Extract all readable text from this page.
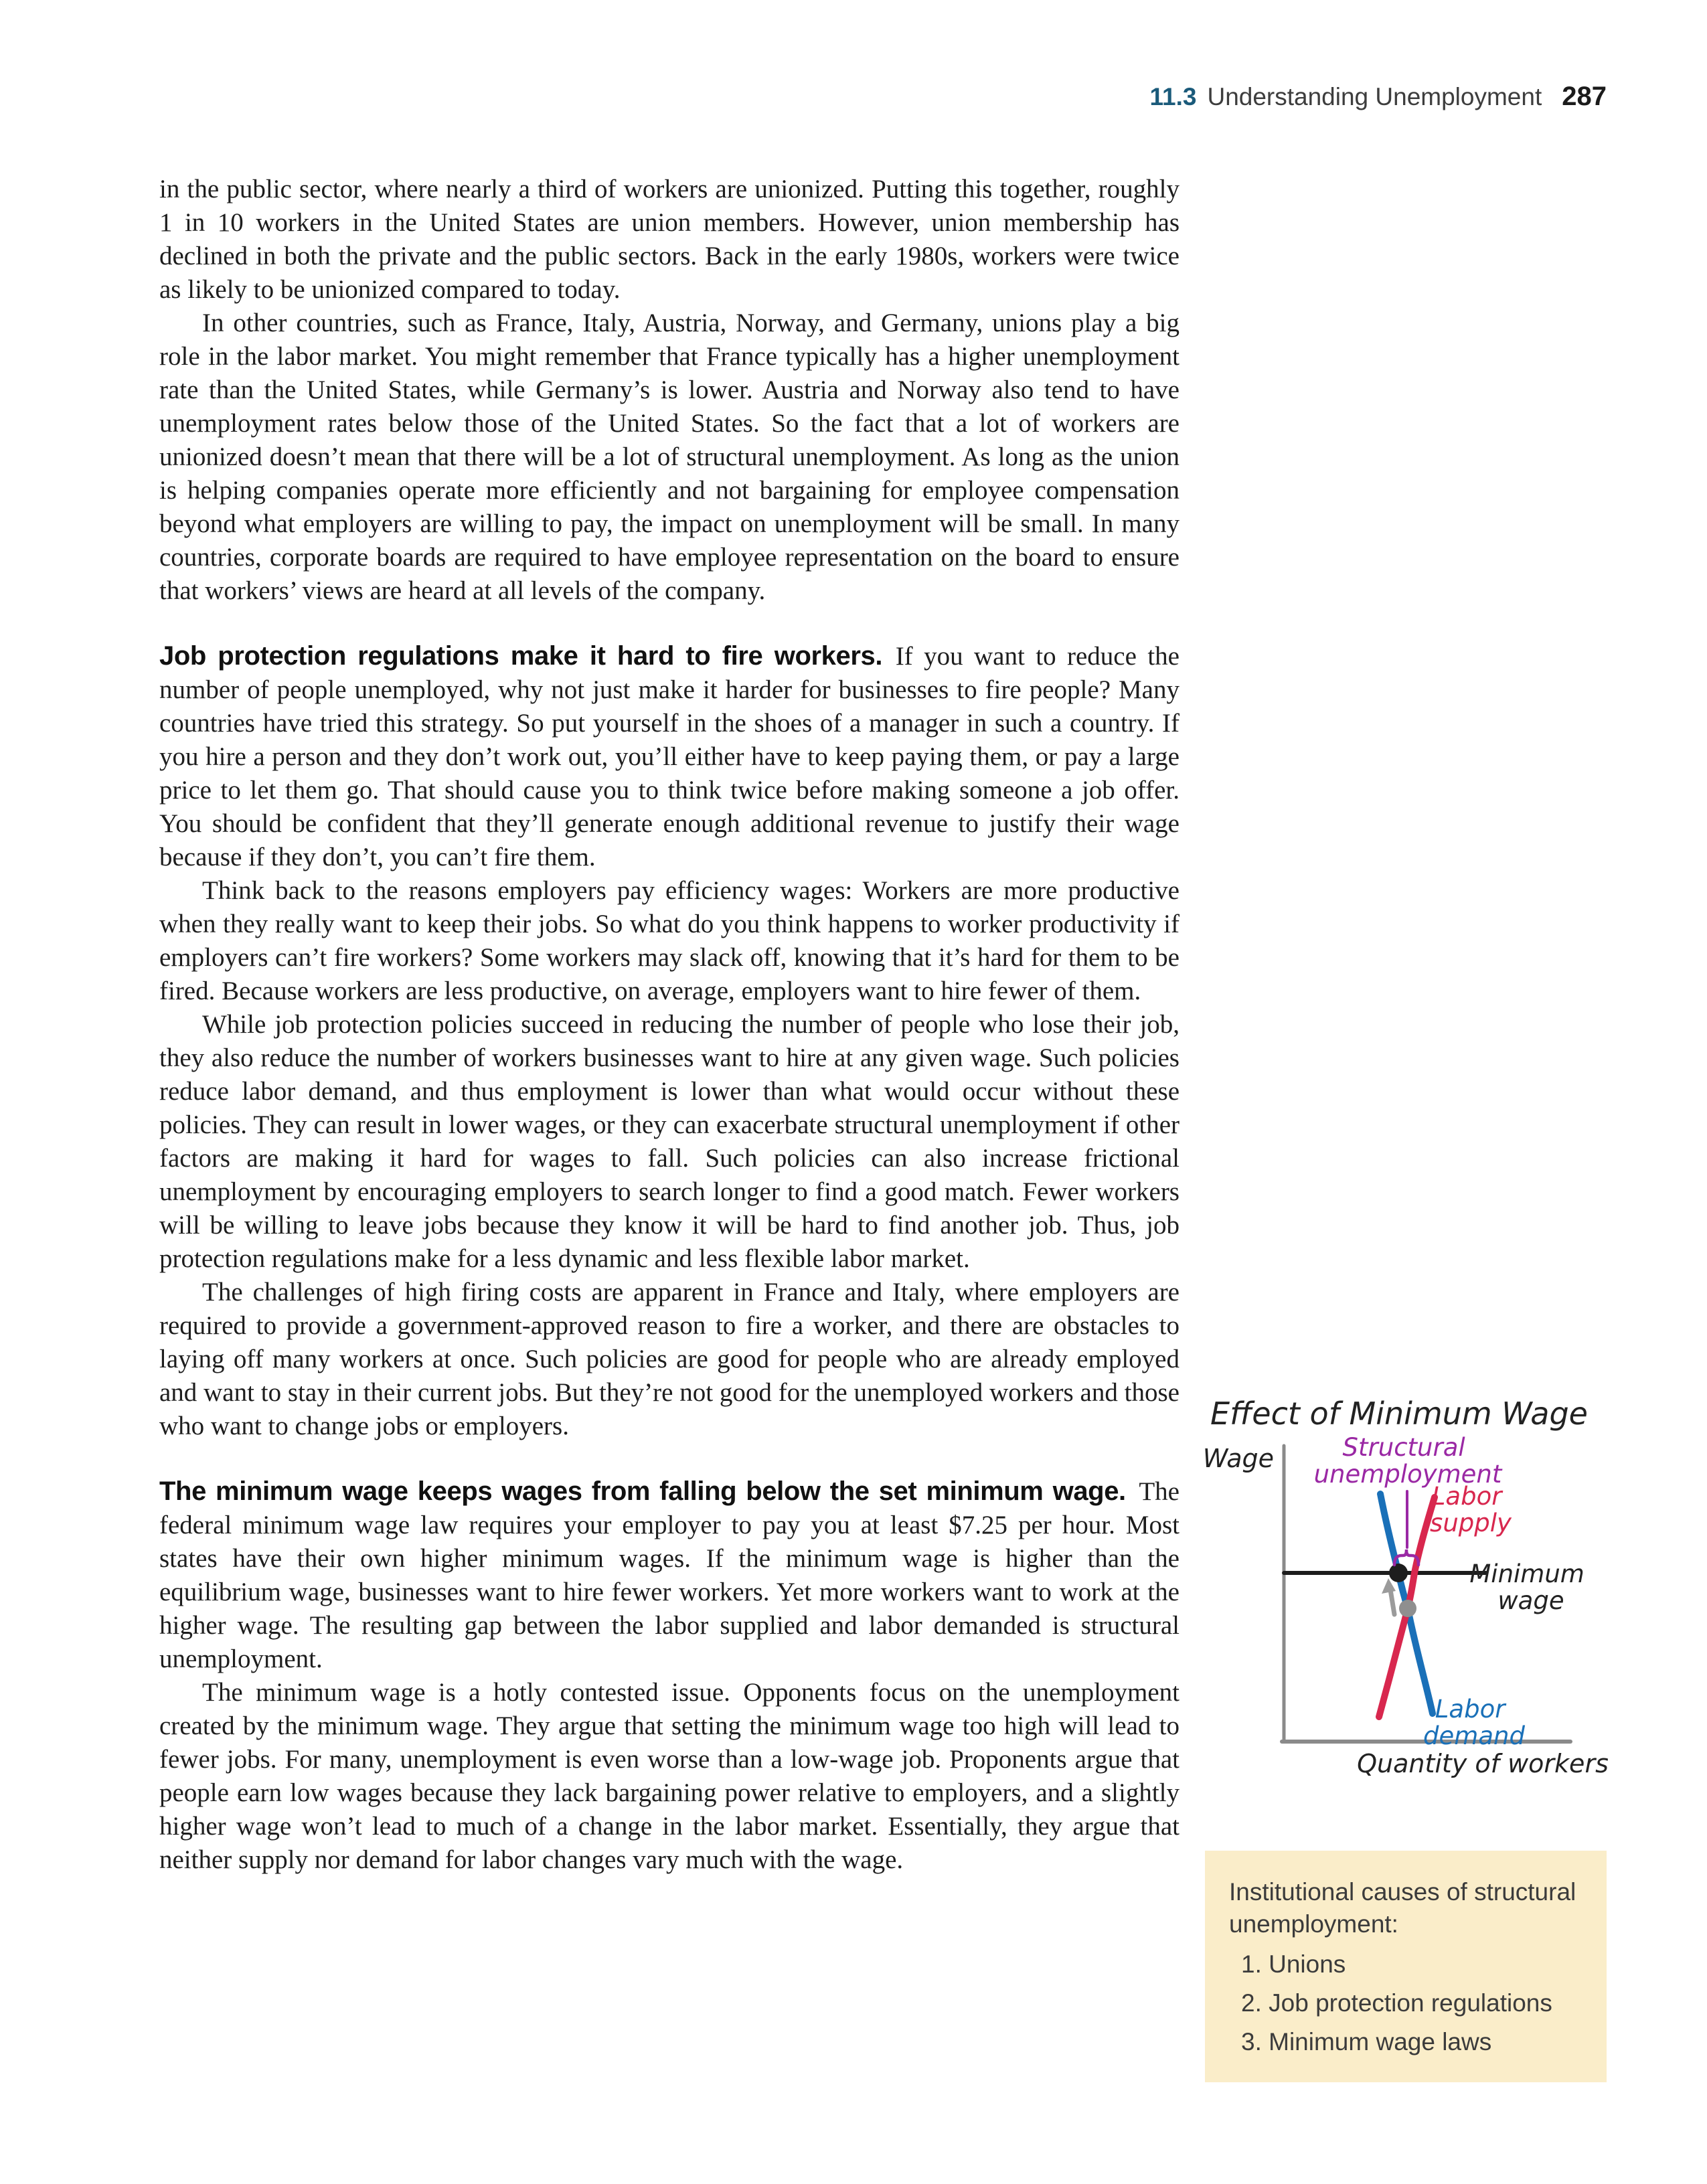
11.3 Understanding Unemployment 287

in the public sector, where nearly a third of workers are unionized. Putting this together, roughly 1 in 10 workers in the United States are union members. However, union membership has declined in both the private and the public sectors. Back in the early 1980s, workers were twice as likely to be unionized compared to today.

In other countries, such as France, Italy, Austria, Norway, and Germany, unions play a big role in the labor market. You might remember that France typically has a higher unemployment rate than the United States, while Germany’s is lower. Austria and Norway also tend to have unemployment rates below those of the United States. So the fact that a lot of workers are unionized doesn’t mean that there will be a lot of structural unemployment. As long as the union is helping companies operate more efficiently and not bargaining for employee compensation beyond what employers are willing to pay, the impact on unemployment will be small. In many countries, corporate boards are required to have employee representation on the board to ensure that workers’ views are heard at all levels of the company.

Job protection regulations make it hard to fire workers. If you want to reduce the number of people unemployed, why not just make it harder for businesses to fire people? Many countries have tried this strategy. So put yourself in the shoes of a manager in such a country. If you hire a person and they don’t work out, you’ll either have to keep paying them, or pay a large price to let them go. That should cause you to think twice before making someone a job offer. You should be confident that they’ll generate enough additional revenue to justify their wage because if they don’t, you can’t fire them.

Think back to the reasons employers pay efficiency wages: Workers are more productive when they really want to keep their jobs. So what do you think happens to worker productivity if employers can’t fire workers? Some workers may slack off, knowing that it’s hard for them to be fired. Because workers are less productive, on average, employers want to hire fewer of them.

While job protection policies succeed in reducing the number of people who lose their job, they also reduce the number of workers businesses want to hire at any given wage. Such policies reduce labor demand, and thus employment is lower than what would occur without these policies. They can result in lower wages, or they can exacerbate structural unemployment if other factors are making it hard for wages to fall. Such policies can also increase frictional unemployment by encouraging employers to search longer to find a good match. Fewer workers will be willing to leave jobs because they know it will be hard to find another job. Thus, job protection regulations make for a less dynamic and less flexible labor market.

The challenges of high firing costs are apparent in France and Italy, where employers are required to provide a government-approved reason to fire a worker, and there are obstacles to laying off many workers at once. Such policies are good for people who are already employed and want to stay in their current jobs. But they’re not good for the unemployed workers and those who want to change jobs or employers.

The minimum wage keeps wages from falling below the set minimum wage. The federal minimum wage law requires your employer to pay you at least $7.25 per hour. Most states have their own higher minimum wages. If the minimum wage is higher than the equilibrium wage, businesses want to hire fewer workers. Yet more workers want to work at the higher wage. The resulting gap between the labor supplied and labor demanded is structural unemployment.

The minimum wage is a hotly contested issue. Opponents focus on the unemployment created by the minimum wage. They argue that setting the minimum wage too high will lead to fewer jobs. For many, unemployment is even worse than a low-wage job. Proponents argue that people earn low wages because they lack bargaining power relative to employers, and a slightly higher wage won’t lead to much of a change in the labor market. Essentially, they argue that neither supply nor demand for labor changes vary much with the wage.

Effect of Minimum Wage
Wage
Quantity of workers
Structural unemployment
Labor supply
Minimum wage
Labor demand
Institutional causes of structural unemployment:
1. Unions
2. Job protection regulations
3. Minimum wage laws
